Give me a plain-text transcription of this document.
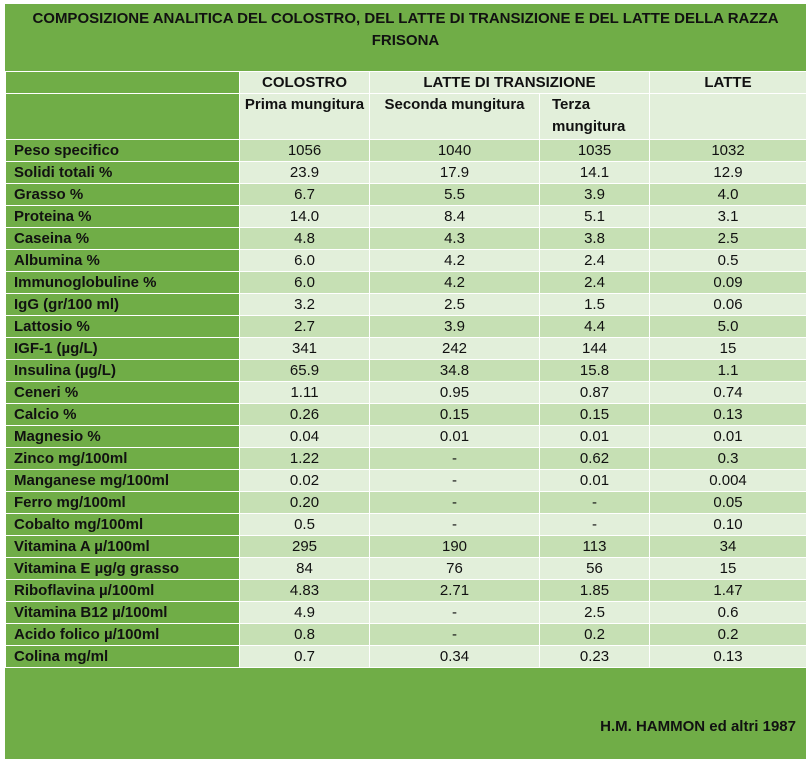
COMPOSIZIONE ANALITICA DEL COLOSTRO, DEL LATTE DI TRANSIZIONE E DEL LATTE DELLA RAZZA FRISONA
	COLOSTRO	LATTE DI TRANSIZIONE		LATTE
	Prima mungitura	Seconda mungitura	Terza mungitura	
Peso specifico	1056	1040	1035	1032
Solidi totali %	23.9	17.9	14.1	12.9
Grasso %	6.7	5.5	3.9	4.0
Proteina %	14.0	8.4	5.1	3.1
Caseina %	4.8	4.3	3.8	2.5
Albumina %	6.0	4.2	2.4	0.5
Immunoglobuline %	6.0	4.2	2.4	0.09
IgG (gr/100 ml)	3.2	2.5	1.5	0.06
Lattosio %	2.7	3.9	4.4	5.0
IGF-1 (µg/L)	341	242	144	15
Insulina (µg/L)	65.9	34.8	15.8	1.1
Ceneri %	1.11	0.95	0.87	0.74
Calcio %	0.26	0.15	0.15	0.13
Magnesio %	0.04	0.01	0.01	0.01
Zinco mg/100ml	1.22	-	0.62	0.3
Manganese mg/100ml	0.02	-	0.01	0.004
Ferro mg/100ml	0.20	-	-	0.05
Cobalto mg/100ml	0.5	-	-	0.10
Vitamina A µ/100ml	295	190	113	34
Vitamina E µg/g grasso	84	76	56	15
Riboflavina µ/100ml	4.83	2.71	1.85	1.47
Vitamina B12 µ/100ml	4.9	-	2.5	0.6
Acido folico µ/100ml	0.8	-	0.2	0.2
Colina mg/ml	0.7	0.34	0.23	0.13
H.M. HAMMON ed altri 1987
